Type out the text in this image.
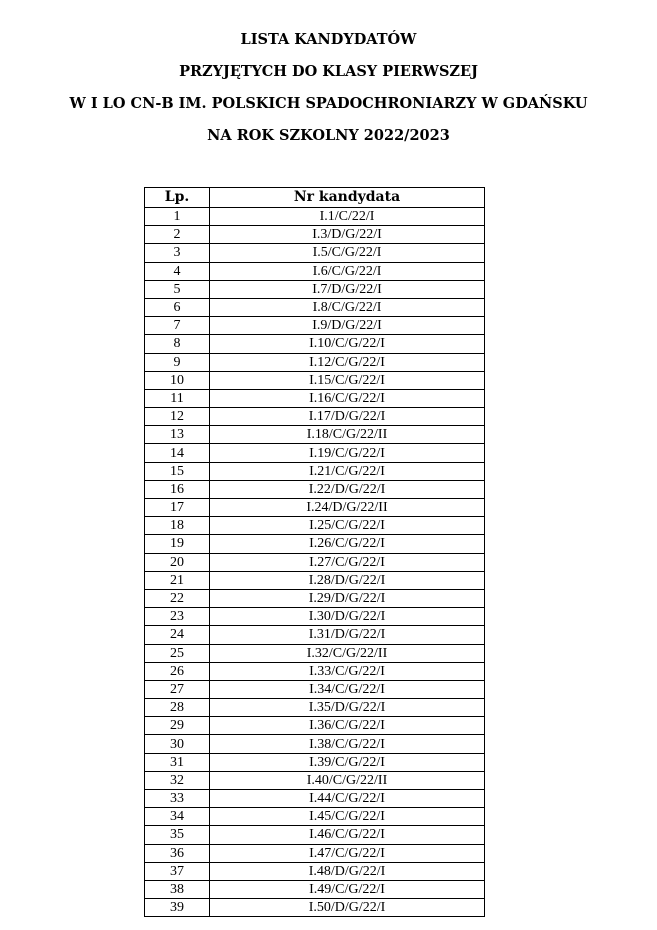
LISTA KANDYDATÓW
PRZYJĘTYCH DO KLASY PIERWSZEJ
W I LO CN-B IM. POLSKICH SPADOCHRONIARZY W GDAŃSKU
NA ROK SZKOLNY 2022/2023
Lp.	Nr kandydata
1	I.1/C/22/I
2	I.3/D/G/22/I
3	I.5/C/G/22/I
4	I.6/C/G/22/I
5	I.7/D/G/22/I
6	I.8/C/G/22/I
7	I.9/D/G/22/I
8	I.10/C/G/22/I
9	I.12/C/G/22/I
10	I.15/C/G/22/I
11	I.16/C/G/22/I
12	I.17/D/G/22/I
13	I.18/C/G/22/II
14	I.19/C/G/22/I
15	I.21/C/G/22/I
16	I.22/D/G/22/I
17	I.24/D/G/22/II
18	I.25/C/G/22/I
19	I.26/C/G/22/I
20	I.27/C/G/22/I
21	I.28/D/G/22/I
22	I.29/D/G/22/I
23	I.30/D/G/22/I
24	I.31/D/G/22/I
25	I.32/C/G/22/II
26	I.33/C/G/22/I
27	I.34/C/G/22/I
28	I.35/D/G/22/I
29	I.36/C/G/22/I
30	I.38/C/G/22/I
31	I.39/C/G/22/I
32	I.40/C/G/22/II
33	I.44/C/G/22/I
34	I.45/C/G/22/I
35	I.46/C/G/22/I
36	I.47/C/G/22/I
37	I.48/D/G/22/I
38	I.49/C/G/22/I
39	I.50/D/G/22/I
